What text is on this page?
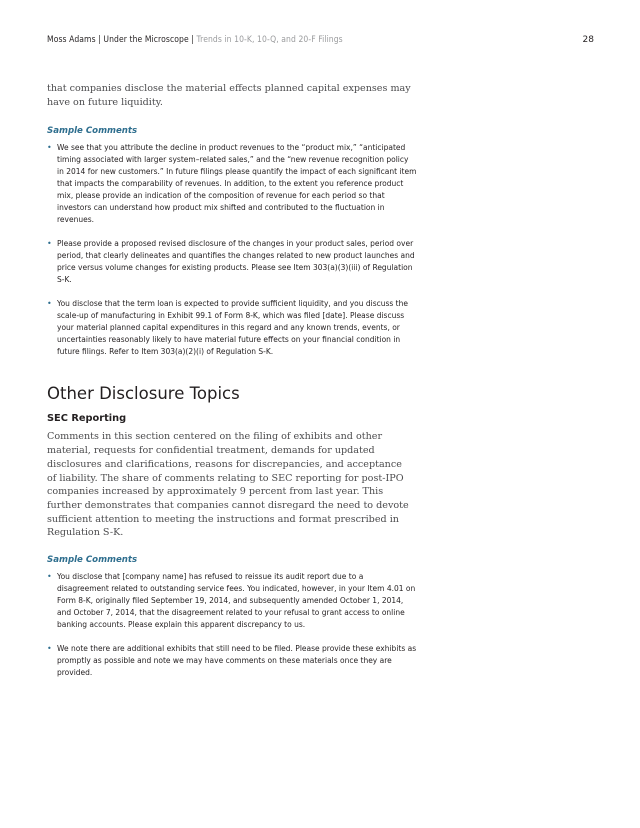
Moss Adams | Under the Microscope | Trends in 10-K, 10-Q, and 20-F Filings	28

that companies disclose the material effects planned capital expenses may have on future liquidity.

Sample Comments

• We see that you attribute the decline in product revenues to the “product mix,” “anticipated timing associated with larger system–related sales,” and the “new revenue recognition policy in 2014 for new customers.” In future filings please quantify the impact of each significant item that impacts the comparability of revenues. In addition, to the extent you reference product mix, please provide an indication of the composition of revenue for each period so that investors can understand how product mix shifted and contributed to the fluctuation in revenues.
• Please provide a proposed revised disclosure of the changes in your product sales, period over period, that clearly delineates and quantifies the changes related to new product launches and price versus volume changes for existing products. Please see Item 303(a)(3)(iii) of Regulation S-K.
• You disclose that the term loan is expected to provide sufficient liquidity, and you discuss the scale-up of manufacturing in Exhibit 99.1 of Form 8-K, which was filed [date]. Please discuss your material planned capital expenditures in this regard and any known trends, events, or uncertainties reasonably likely to have material future effects on your financial condition in future filings. Refer to Item 303(a)(2)(i) of Regulation S-K.
Other Disclosure Topics
SEC Reporting

Comments in this section centered on the filing of exhibits and other material, requests for confidential treatment, demands for updated disclosures and clarifications, reasons for discrepancies, and acceptance of liability. The share of comments relating to SEC reporting for post-IPO companies increased by approximately 9 percent from last year. This further demonstrates that companies cannot disregard the need to devote sufficient attention to meeting the instructions and format prescribed in Regulation S-K.

Sample Comments

• You disclose that [company name] has refused to reissue its audit report due to a disagreement related to outstanding service fees. You indicated, however, in your Item 4.01 on Form 8-K, originally filed September 19, 2014, and subsequently amended October 1, 2014, and October 7, 2014, that the disagreement related to your refusal to grant access to online banking accounts. Please explain this apparent discrepancy to us.
• We note there are additional exhibits that still need to be filed. Please provide these exhibits as promptly as possible and note we may have comments on these materials once they are provided.
